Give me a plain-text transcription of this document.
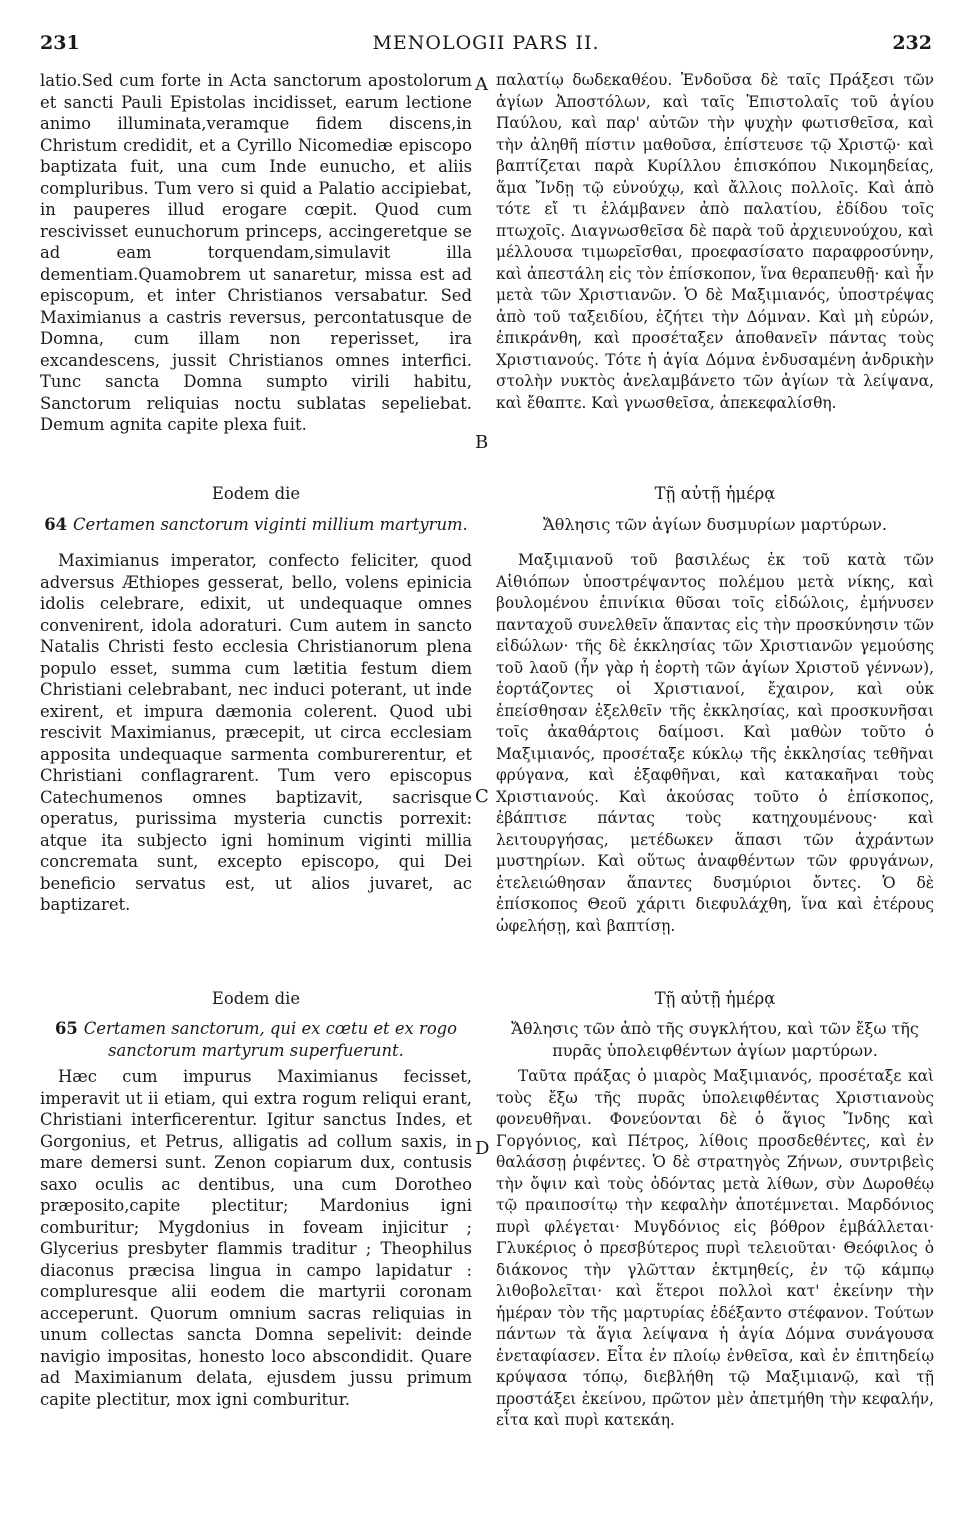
231	MENOLOGII PARS II.	232
A
B
C
D

latio.Sed cum forte in Acta sanctorum apostolorum et sancti Pauli Epistolas incidisset, earum lectione animo illuminata,veramque fidem discens,in Christum credidit, et a Cyrillo Nicomediæ episcopo baptizata fuit, una cum Inde eunucho, et aliis compluribus. Tum vero si quid a Palatio accipiebat, in pauperes illud erogare cœpit. Quod cum rescivisset eunuchorum princeps, accingeretque se ad eam torquendam,simulavit illa dementiam.Quamobrem ut sanaretur, missa est ad episcopum, et inter Christianos versabatur. Sed Maximianus a castris reversus, percontatusque de Domna, cum illam non reperisset, ira excandescens, jussit Christianos omnes interfici. Tunc sancta Domna sumpto virili habitu, Sanctorum reliquias noctu sublatas sepeliebat. Demum agnita capite plexa fuit.

παλατίῳ δωδεκαθέου. Ἐνδοῦσα δὲ ταῖς Πράξεσι τῶν ἁγίων Ἀποστόλων, καὶ ταῖς Ἐπιστολαῖς τοῦ ἁγίου Παύλου, καὶ παρ' αὐτῶν τὴν ψυχὴν φωτισθεῖσα, καὶ τὴν ἀληθῆ πίστιν μαθοῦσα, ἐπίστευσε τῷ Χριστῷ· καὶ βαπτίζεται παρὰ Κυρίλλου ἐπισκόπου Νικομηδείας, ἅμα Ἴνδῃ τῷ εὐνούχῳ, καὶ ἄλλοις πολλοῖς. Καὶ ἀπὸ τότε εἴ τι ἐλάμβανεν ἀπὸ παλατίου, ἐδίδου τοῖς πτωχοῖς. Διαγνωσθεῖσα δὲ παρὰ τοῦ ἀρχιευνούχου, καὶ μέλλουσα τιμωρεῖσθαι, προεφασίσατο παραφροσύνην, καὶ ἀπεστάλη εἰς τὸν ἐπίσκοπον, ἵνα θεραπευθῇ· καὶ ἦν μετὰ τῶν Χριστιανῶν. Ὁ δὲ Μαξιμιανός, ὑποστρέψας ἀπὸ τοῦ ταξειδίου, ἐζήτει τὴν Δόμναν. Καὶ μὴ εὑρών, ἐπικράνθη, καὶ προσέταξεν ἀποθανεῖν πάντας τοὺς Χριστιανούς. Τότε ἡ ἁγία Δόμνα ἐνδυσαμένη ἀνδρικὴν στολὴν νυκτὸς ἀνελαμβάνετο τῶν ἁγίων τὰ λείψανα, καὶ ἔθαπτε. Καὶ γνωσθεῖσα, ἀπεκεφαλίσθη.

Eodem die	Τῇ αὐτῇ ἡμέρᾳ

64 Certamen sanctorum viginti millium martyrum.	Ἄθλησις τῶν ἁγίων δυσμυρίων μαρτύρων.

Maximianus imperator, confecto feliciter, quod adversus Æthiopes gesserat, bello, volens epinicia idolis celebrare, edixit, ut undequaque omnes convenirent, idola adoraturi. Cum autem in sancto Natalis Christi festo ecclesia Christianorum plena populo esset, summa cum lætitia festum diem Christiani celebrabant, nec induci poterant, ut inde exirent, et impura dæmonia colerent. Quod ubi rescivit Maximianus, præcepit, ut circa ecclesiam apposita undequaque sarmenta comburerentur, et Christiani conflagrarent. Tum vero episcopus Catechumenos omnes baptizavit, sacrisque operatus, purissima mysteria cunctis porrexit: atque ita subjecto igni hominum viginti millia concremata sunt, excepto episcopo, qui Dei beneficio servatus est, ut alios juvaret, ac baptizaret.

Μαξιμιανοῦ τοῦ βασιλέως ἐκ τοῦ κατὰ τῶν Αἰθιόπων ὑποστρέψαντος πολέμου μετὰ νίκης, καὶ βουλομένου ἐπινίκια θῦσαι τοῖς εἰδώλοις, ἐμήνυσεν πανταχοῦ συνελθεῖν ἅπαντας εἰς τὴν προσκύνησιν τῶν εἰδώλων· τῆς δὲ ἐκκλησίας τῶν Χριστιανῶν γεμούσης τοῦ λαοῦ (ἦν γὰρ ἡ ἑορτὴ τῶν ἁγίων Χριστοῦ γέννων), ἑορτάζοντες οἱ Χριστιανοί, ἔχαιρον, καὶ οὐκ ἐπείσθησαν ἐξελθεῖν τῆς ἐκκλησίας, καὶ προσκυνῆσαι τοῖς ἀκαθάρτοις δαίμοσι. Καὶ μαθὼν τοῦτο ὁ Μαξιμιανός, προσέταξε κύκλῳ τῆς ἐκκλησίας τεθῆναι φρύγανα, καὶ ἐξαφθῆναι, καὶ κατακαῆναι τοὺς Χριστιανούς. Καὶ ἀκούσας τοῦτο ὁ ἐπίσκοπος, ἐβάπτισε πάντας τοὺς κατηχουμένους· καὶ λειτουργήσας, μετέδωκεν ἅπασι τῶν ἀχράντων μυστηρίων. Καὶ οὕτως ἀναφθέντων τῶν φρυγάνων, ἐτελειώθησαν ἅπαντες δυσμύριοι ὄντες. Ὁ δὲ ἐπίσκοπος Θεοῦ χάριτι διεφυλάχθη, ἵνα καὶ ἑτέρους ὠφελήσῃ, καὶ βαπτίσῃ.

Eodem die	Τῇ αὐτῇ ἡμέρᾳ

65 Certamen sanctorum, qui ex cœtu et ex rogo sanctorum martyrum superfuerunt.

Ἄθλησις τῶν ἀπὸ τῆς συγκλήτου, καὶ τῶν ἔξω τῆς πυρᾶς ὑπολειφθέντων ἁγίων μαρτύρων.

Hæc cum impurus Maximianus fecisset, imperavit ut ii etiam, qui extra rogum reliqui erant, Christiani interficerentur. Igitur sanctus Indes, et Gorgonius, et Petrus, alligatis ad collum saxis, in mare demersi sunt. Zenon copiarum dux, contusis saxo oculis ac dentibus, una cum Dorotheo præposito,capite plectitur; Mardonius igni comburitur; Mygdonius in foveam injicitur ; Glycerius presbyter flammis traditur ; Theophilus diaconus præcisa lingua in campo lapidatur : compluresque alii eodem die martyrii coronam acceperunt. Quorum omnium sacras reliquias in unum collectas sancta Domna sepelivit: deinde navigio impositas, honesto loco abscondidit. Quare ad Maximianum delata, ejusdem jussu primum capite plectitur, mox igni comburitur.

Ταῦτα πράξας ὁ μιαρὸς Μαξιμιανός, προσέταξε καὶ τοὺς ἔξω τῆς πυρᾶς ὑπολειφθέντας Χριστιανοὺς φονευθῆναι. Φονεύονται δὲ ὁ ἅγιος Ἴνδης καὶ Γοργόνιος, καὶ Πέτρος, λίθοις προσδεθέντες, καὶ ἐν θαλάσσῃ ῥιφέντες. Ὁ δὲ στρατηγὸς Ζήνων, συντριβεὶς τὴν ὄψιν καὶ τοὺς ὀδόντας μετὰ λίθων, σὺν Δωροθέῳ τῷ πραιποσίτῳ τὴν κεφαλὴν ἀποτέμνεται. Μαρδόνιος πυρὶ φλέγεται· Μυγδόνιος εἰς βόθρον ἐμβάλλεται· Γλυκέριος ὁ πρεσβύτερος πυρὶ τελειοῦται· Θεόφιλος ὁ διάκονος τὴν γλῶτταν ἐκτμηθείς, ἐν τῷ κάμπῳ λιθοβολεῖται· καὶ ἕτεροι πολλοὶ κατ' ἐκείνην τὴν ἡμέραν τὸν τῆς μαρτυρίας ἐδέξαντο στέφανον. Τούτων πάντων τὰ ἅγια λείψανα ἡ ἁγία Δόμνα συνάγουσα ἐνεταφίασεν. Εἶτα ἐν πλοίῳ ἐνθεῖσα, καὶ ἐν ἐπιτηδείῳ κρύψασα τόπῳ, διεβλήθη τῷ Μαξιμιανῷ, καὶ τῇ προστάξει ἐκείνου, πρῶτον μὲν ἀπετμήθη τὴν κεφαλήν, εἶτα καὶ πυρὶ κατεκάη.
